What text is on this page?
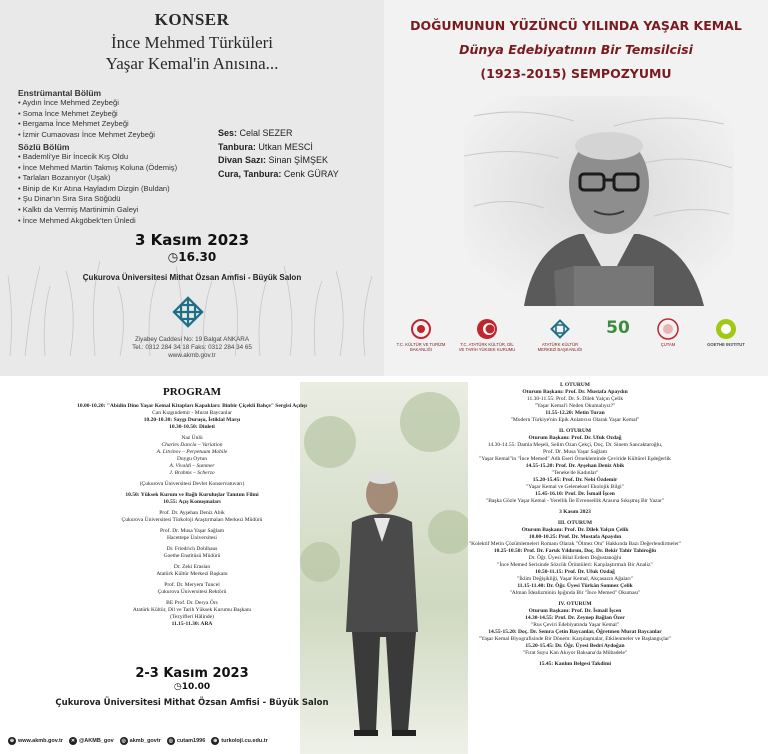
KONSER
İnce Mehmed Türküleri
Yaşar Kemal'in Anısına...
Enstrümantal Bölüm
• Aydın İnce Mehmed Zeybeği
• Soma İnce Mehmet Zeybeği
• Bergama İnce Mehmet Zeybeği
• İzmir Cumaovası İnce Mehmet Zeybeği
Sözlü Bölüm
• Bademli'ye Bir İncecik Kış Oldu
• İnce Mehmed Martin Takmış Koluna (Ödemiş)
• Tarlaları Bozanıyor (Uşak)
• Binip de Kır Atına Hayladım Dizgin (Buldan)
• Şu Dinar'ın Sıra Sıra Söğüdü
• Kalktı da Vermiş Martinimin Galeyi
• İnce Mehmed Akgöbek'ten Ünledi
Ses: Celal SEZER
Tanbura: Utkan MESCİ
Divan Sazı: Sinan ŞİMŞEK
Cura, Tanbura: Cenk GÜRAY
3 Kasım 2023
◷16.30
Çukurova Üniversitesi Mithat Özsan Amfisi - Büyük Salon
Ziyabey Caddesi No: 19 Balgat ANKARA
Tel.: 0312 284 34 18 Faks: 0312 284 34 65
www.akmb.gov.tr
DOĞUMUNUN YÜZÜNCÜ YILINDA YAŞAR KEMAL
Dünya Edebiyatının Bir Temsilcisi
(1923-2015) SEMPOZYUMU
T.C. KÜLTÜR VE TURİZM BAKANLIĞI
T.C. ATATÜRK KÜLTÜR, DİL VE TARİH YÜKSEK KURUMU
ATATÜRK KÜLTÜR MERKEZİ BAŞKANLIĞI
50
ÇUTAM	GOETHE INSTITUT
PROGRAM

10.00-10.20: "Abidin Dino Yaşar Kemal Kitapları Kapakları: Binbir Çiçekli Bahçe" Sergisi Açılışı

Can Kızgındemir - Murat Baycanlar

10.20-10.30: Saygı Duruşu, İstiklal Marşı

10.30-10.50: Dinleti

Naz Ünlü

Charles Dancla – Variation

A. Litvinov – Perpetuum Mobile

Duygu Oytun

A. Vivaldi – Summer

J. Brahms – Scherzo

(Çukurova Üniversitesi Devlet Konservatuvarı)

10.50: Yüksek Kurum ve Bağlı Kuruluşlar Tanıtım Filmi

10.55: Açış Konuşmaları

Prof. Dr. Ayşehan Deniz Abik

Çukurova Üniversitesi Türkoloji Araştırmaları Merkezi Müdürü

Prof. Dr. Musa Yaşar Sağlam

Hacettepe Üniversitesi

Dr. Friedrich Dohlhaus

Goethe Enstitüsü Müdürü

Dr. Zeki Eraslan

Atatürk Kültür Merkezi Başkanı

Prof. Dr. Meryem Tuncel

Çukurova Üniversitesi Rektörü

BE Prof. Dr. Derya Örs

Atatürk Kültür, Dil ve Tarih Yüksek Kurumu Başkanı

(Tezyifleri Hâlinde)

11.15-11.30: ARA

2-3 Kasım 2023
◷10.00
Çukurova Üniversitesi Mithat Özsan Amfisi - Büyük Salon

I. OTURUM

Oturum Başkanı: Prof. Dr. Mustafa Apaydın

11.30-11.55: Prof. Dr. S. Dilek Yalçın Çelik

"Yaşar Kemal'i Neden Okumalıyız?"

11.55-12.20: Metin Turan

"Modern Türkiye'nin Epik Anlatıcısı Olarak Yaşar Kemal"

II. OTURUM

Oturum Başkanı: Prof. Dr. Ufuk Ozdağ

14.30-14.55: Damla Meşeli, Selim Ozan Çekçi, Doç. Dr. Sinem Sancaktaroğlu,

Prof. Dr. Musa Yaşar Sağlam

"Yaşar Kemal"in "İnce Memed" Adlı Eseri Örnekleminde Çeviride Kültürel Eşdeğerlik

14.55-15.20: Prof. Dr. Ayşehan Deniz Abik

"Teneke'de Kadınlar"

15.20-15.45: Prof. Dr. Nebi Özdemir

"Yaşar Kemal ve Geleneksel Ekolojik Bilgi"

15.45-16.10: Prof. Dr. İsmail İşcen

"Başka Gözle Yaşar Kemal - Yerellik İle Evrensellik Arasına Sıkışmış Bir Yazar"

3 Kasım 2023

III. OTURUM

Oturum Başkanı: Prof. Dr. Dilek Yalçın Çelik

10.00-10.25: Prof. Dr. Mustafa Apaydın

"Kolektif Metin Çözümlemeleri Romanı Olarak "Ölmez Otu" Hakkında Bazı Değerlendirmeler"

10.25-10.50: Prof. Dr. Faruk Yıldırım, Doç. Dr. Bekir Tahir Tahiroğlu

Dr. Öğr. Üyesi Bilal Erdem Doğustanoğlu

"İnce Memed Serisinde Sözcük Örüntüleri: Karşılaştırmalı Bir Analiz"

10.50-11.15: Prof. Dr. Ufuk Ozdağ

"İklim Değişikliği, Yaşar Kemal, Akçasazın Ağaları"

11.15-11.40: Dr. Öğr. Üyesi Türkân Somnez Çelik

"Alman İdealizminin Işığında Bir "İnce Memed" Okuması"

IV. OTURUM

Oturum Başkanı: Prof. Dr. İsmail İşcen

14.30-14.55: Prof. Dr. Zeynep Bağlan Özer

"Rus Çeviri Edebiyatında Yaşar Kemal"

14.55-15.20: Doç. Dr. Semra Çetin Baycanlar, Öğretmen Murat Baycanlar

"Yaşar Kemal Biyografisinde Bir Dönem: Karşılaşmalar, Etkilenmeler ve Başlangıçlar"

15.20-15.45: Dr. Öğr. Üyesi Bedri Aydoğan

"Fırat Suyu Kan Akıyor Baksana'da Mübadele"

15.45: Kanlım Belgesi Takdimi

⊕ www.akmb.gov.tr	✕ @AKMB_gov	◎ akmb_govtr	◎ cutam1996	⊕ turkoloji.cu.edu.tr
